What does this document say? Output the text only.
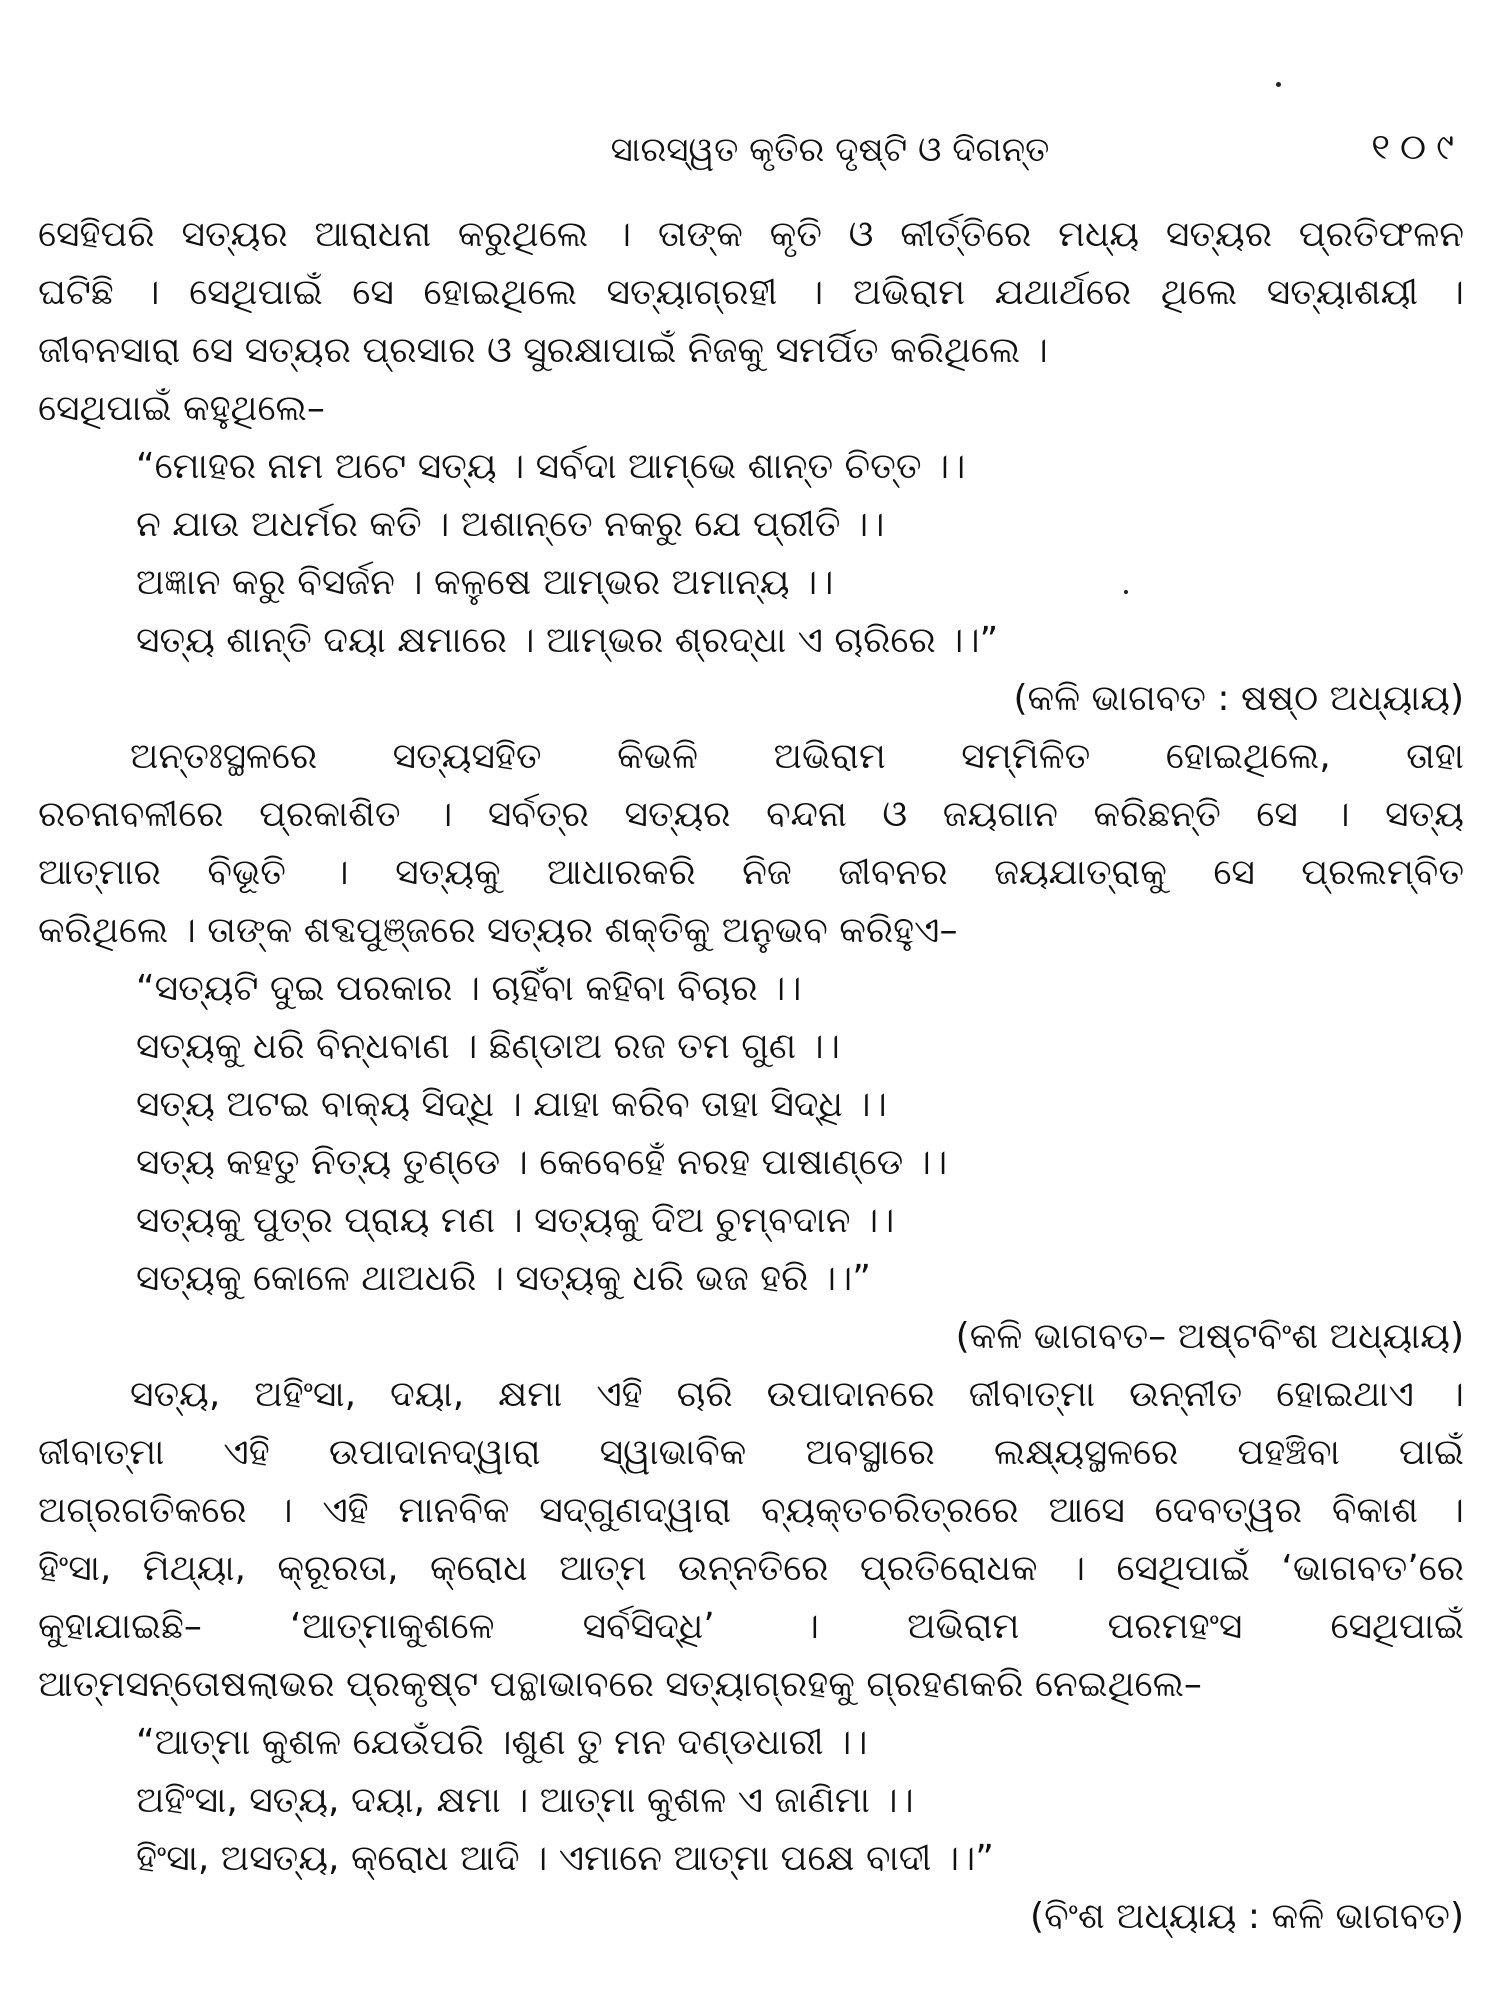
ସାରସ୍ୱତ କୃତିର ଦୃଷ୍ଟି ଓ ଦିଗନ୍ତ	୧୦୯
ସେହିପରି ସତ୍ୟର ଆରାଧନା କରୁଥିଲେ । ତାଙ୍କ କୃତି ଓ କୀର୍ତ୍ତିରେ ମଧ୍ୟ ସତ୍ୟର ପ୍ରତିଫଳନ
ଘଟିଛି । ସେଥିପାଇଁ ସେ ହୋଇଥିଲେ ସତ୍ୟାଗ୍ରହୀ । ଅଭିରାମ ଯଥାର୍ଥରେ ଥିଲେ ସତ୍ୟାଶୟୀ ।
ଜୀବନସାରା ସେ ସତ୍ୟର ପ୍ରସାର ଓ ସୁରକ୍ଷାପାଇଁ ନିଜକୁ ସମର୍ପିତ କରିଥିଲେ ।
ସେଥିପାଇଁ କହୁଥିଲେ–
“ମୋହର ନାମ ଅଟେ ସତ୍ୟ । ସର୍ବଦା ଆମ୍ଭେ ଶାନ୍ତ ଚିତ୍ତ ।।
ନ ଯାଉ ଅଧର୍ମର କତି । ଅଶାନ୍ତେ ନକରୁ ଯେ ପ୍ରୀତି ।।
ଅଜ୍ଞାନ କରୁ ବିସର୍ଜନ । କଳୁଷେ ଆମ୍ଭର ଅମାନ୍ୟ ।।
ସତ୍ୟ ଶାନ୍ତି ଦୟା କ୍ଷମାରେ । ଆମ୍ଭର ଶ୍ରଦ୍ଧା ଏ ଚାରିରେ ।।”
(କଳି ଭାଗବତ : ଷଷ୍ଠ ଅଧ୍ୟାୟ)
ଅନ୍ତଃସ୍ଥଳରେ ସତ୍ୟସହିତ କିଭଳି ଅଭିରାମ ସମ୍ମିଳିତ ହୋଇଥିଲେ, ତାହା
ରଚନାବଳୀରେ ପ୍ରକାଶିତ । ସର୍ବତ୍ର ସତ୍ୟର ବନ୍ଦନା ଓ ଜୟଗାନ କରିଛନ୍ତି ସେ । ସତ୍ୟ
ଆତ୍ମାର ବିଭୂତି । ସତ୍ୟକୁ ଆଧାରକରି ନିଜ ଜୀବନର ଜୟଯାତ୍ରାକୁ ସେ ପ୍ରଲମ୍ବିତ
କରିଥିଲେ । ତାଙ୍କ ଶବ୍ଦପୁଞ୍ଜରେ ସତ୍ୟର ଶକ୍ତିକୁ ଅନୁଭବ କରିହୁଏ–
“ସତ୍ୟଟି ଦୁଇ ପରକାର । ଚାହିଁବା କହିବା ବିଚାର ।।
ସତ୍ୟକୁ ଧରି ବିନ୍ଧବାଣ । ଛିଣ୍ଡାଅ ରଜ ତମ ଗୁଣ ।।
ସତ୍ୟ ଅଟଇ ବାକ୍ୟ ସିଦ୍ଧି । ଯାହା କରିବ ତାହା ସିଦ୍ଧି ।।
ସତ୍ୟ କହତୁ ନିତ୍ୟ ତୁଣ୍ଡେ । କେବେହେଁ ନରହ ପାଷାଣ୍ଡେ ।।
ସତ୍ୟକୁ ପୁତ୍ର ପ୍ରାୟ ମଣ । ସତ୍ୟକୁ ଦିଅ ଚୁମ୍ବଦାନ ।।
ସତ୍ୟକୁ କୋଳେ ଥାଅଧରି । ସତ୍ୟକୁ ଧରି ଭଜ ହରି ।।”
(କଳି ଭାଗବତ– ଅଷ୍ଟବିଂଶ ଅଧ୍ୟାୟ)
ସତ୍ୟ, ଅହିଂସା, ଦୟା, କ୍ଷମା ଏହି ଚାରି ଉପାଦାନରେ ଜୀବାତ୍ମା ଉନ୍ନୀତ ହୋଇଥାଏ ।
ଜୀବାତ୍ମା ଏହି ଉପାଦାନଦ୍ୱାରା ସ୍ୱାଭାବିକ ଅବସ୍ଥାରେ ଲକ୍ଷ୍ୟସ୍ଥଳରେ ପହଞ୍ଚିବା ପାଇଁ
ଅଗ୍ରଗତିକରେ । ଏହି ମାନବିକ ସଦ୍‌ଗୁଣଦ୍ୱାରା ବ୍ୟକ୍ତଚରିତ୍ରରେ ଆସେ ଦେବତ୍ୱର ବିକାଶ ।
ହିଂସା, ମିଥ୍ୟା, କ୍ରୂରତା, କ୍ରୋଧ ଆତ୍ମ ଉନ୍ନତିରେ ପ୍ରତିରୋଧକ । ସେଥିପାଇଁ ‘ଭାଗବତ’ରେ
କୁହାଯାଇଛି– ‘ଆତ୍ମାକୁଶଳେ ସର୍ବସିଦ୍ଧି’ । ଅଭିରାମ ପରମହଂସ ସେଥିପାଇଁ
ଆତ୍ମସନ୍ତୋଷଲାଭର ପ୍ରକୃଷ୍ଟ ପନ୍ଥାଭାବରେ ସତ୍ୟାଗ୍ରହକୁ ଗ୍ରହଣକରି ନେଇଥିଲେ–
“ଆତ୍ମା କୁଶଳ ଯେଉଁପରି ।ଶୁଣ ତୁ ମନ ଦଣ୍ଡଧାରୀ ।।
ଅହିଂସା, ସତ୍ୟ, ଦୟା, କ୍ଷମା । ଆତ୍ମା କୁଶଳ ଏ ଜାଣିମା ।।
ହିଂସା, ଅସତ୍ୟ, କ୍ରୋଧ ଆଦି । ଏମାନେ ଆତ୍ମା ପକ୍ଷେ ବାଦୀ ।।”
(ବିଂଶ ଅଧ୍ୟାୟ : କଳି ଭାଗବତ)
